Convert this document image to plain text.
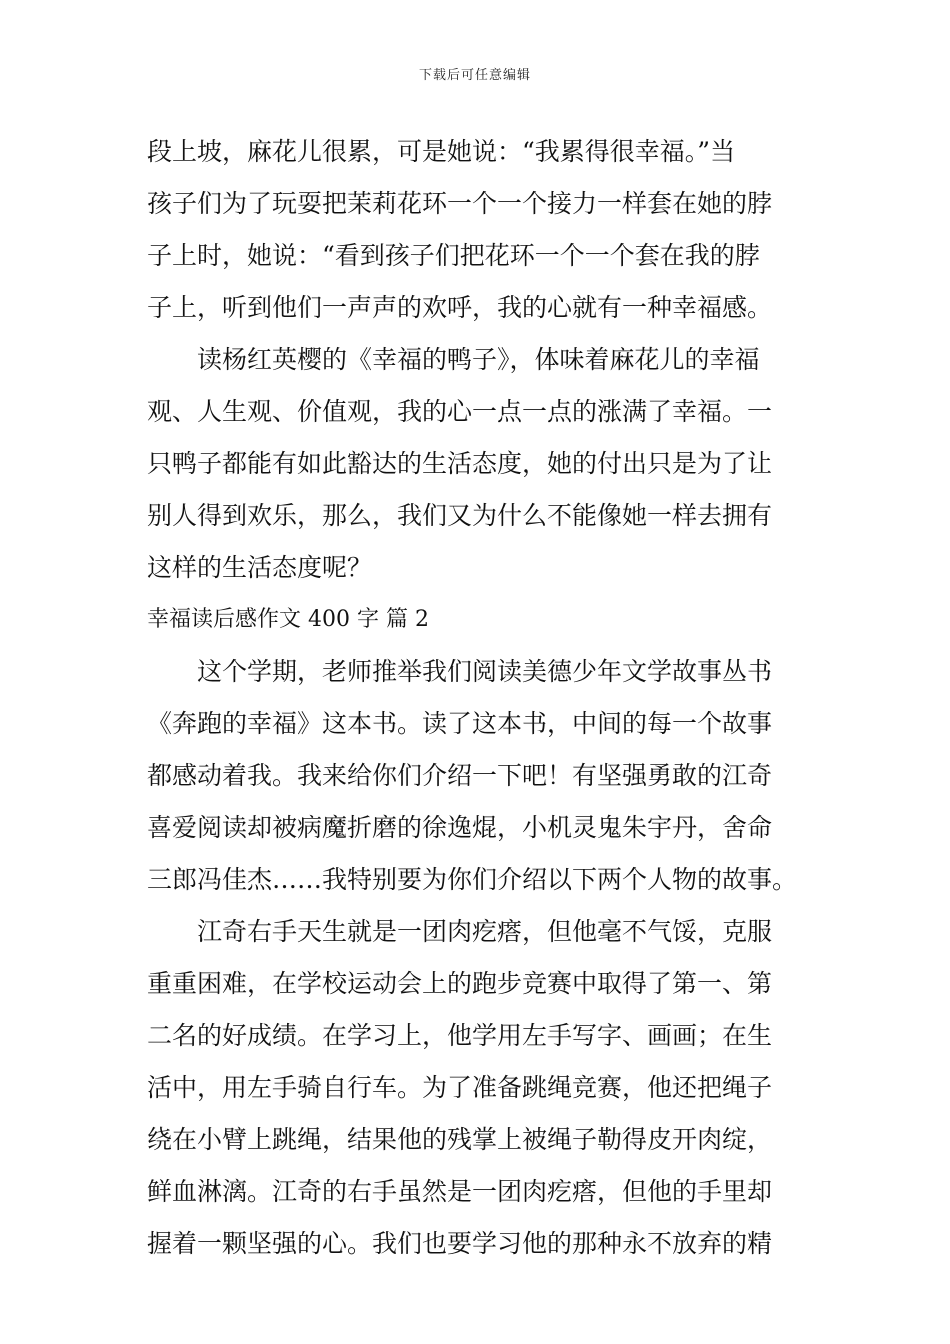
下载后可任意编辑
段上坡，麻花儿很累，可是她说：“我累得很幸福。”当
孩子们为了玩耍把茉莉花环一个一个接力一样套在她的脖
子上时，她说：“看到孩子们把花环一个一个套在我的脖
子上，听到他们一声声的欢呼，我的心就有一种幸福感。
读杨红英樱的《幸福的鸭子》，体味着麻花儿的幸福
观、人生观、价值观，我的心一点一点的涨满了幸福。一
只鸭子都能有如此豁达的生活态度，她的付出只是为了让
别人得到欢乐，那么，我们又为什么不能像她一样去拥有
这样的生活态度呢？
幸福读后感作文 400 字 篇 2
这个学期，老师推举我们阅读美德少年文学故事丛书
《奔跑的幸福》这本书。读了这本书，中间的每一个故事
都感动着我。我来给你们介绍一下吧！有坚强勇敢的江奇
喜爱阅读却被病魔折磨的徐逸焜，小机灵鬼朱宇丹，舍命
三郎冯佳杰……我特别要为你们介绍以下两个人物的故事。
江奇右手天生就是一团肉疙瘩，但他毫不气馁，克服
重重困难，在学校运动会上的跑步竞赛中取得了第一、第
二名的好成绩。在学习上，他学用左手写字、画画；在生
活中，用左手骑自行车。为了准备跳绳竞赛，他还把绳子
绕在小臂上跳绳，结果他的残掌上被绳子勒得皮开肉绽，
鲜血淋漓。江奇的右手虽然是一团肉疙瘩，但他的手里却
握着一颗坚强的心。我们也要学习他的那种永不放弃的精
